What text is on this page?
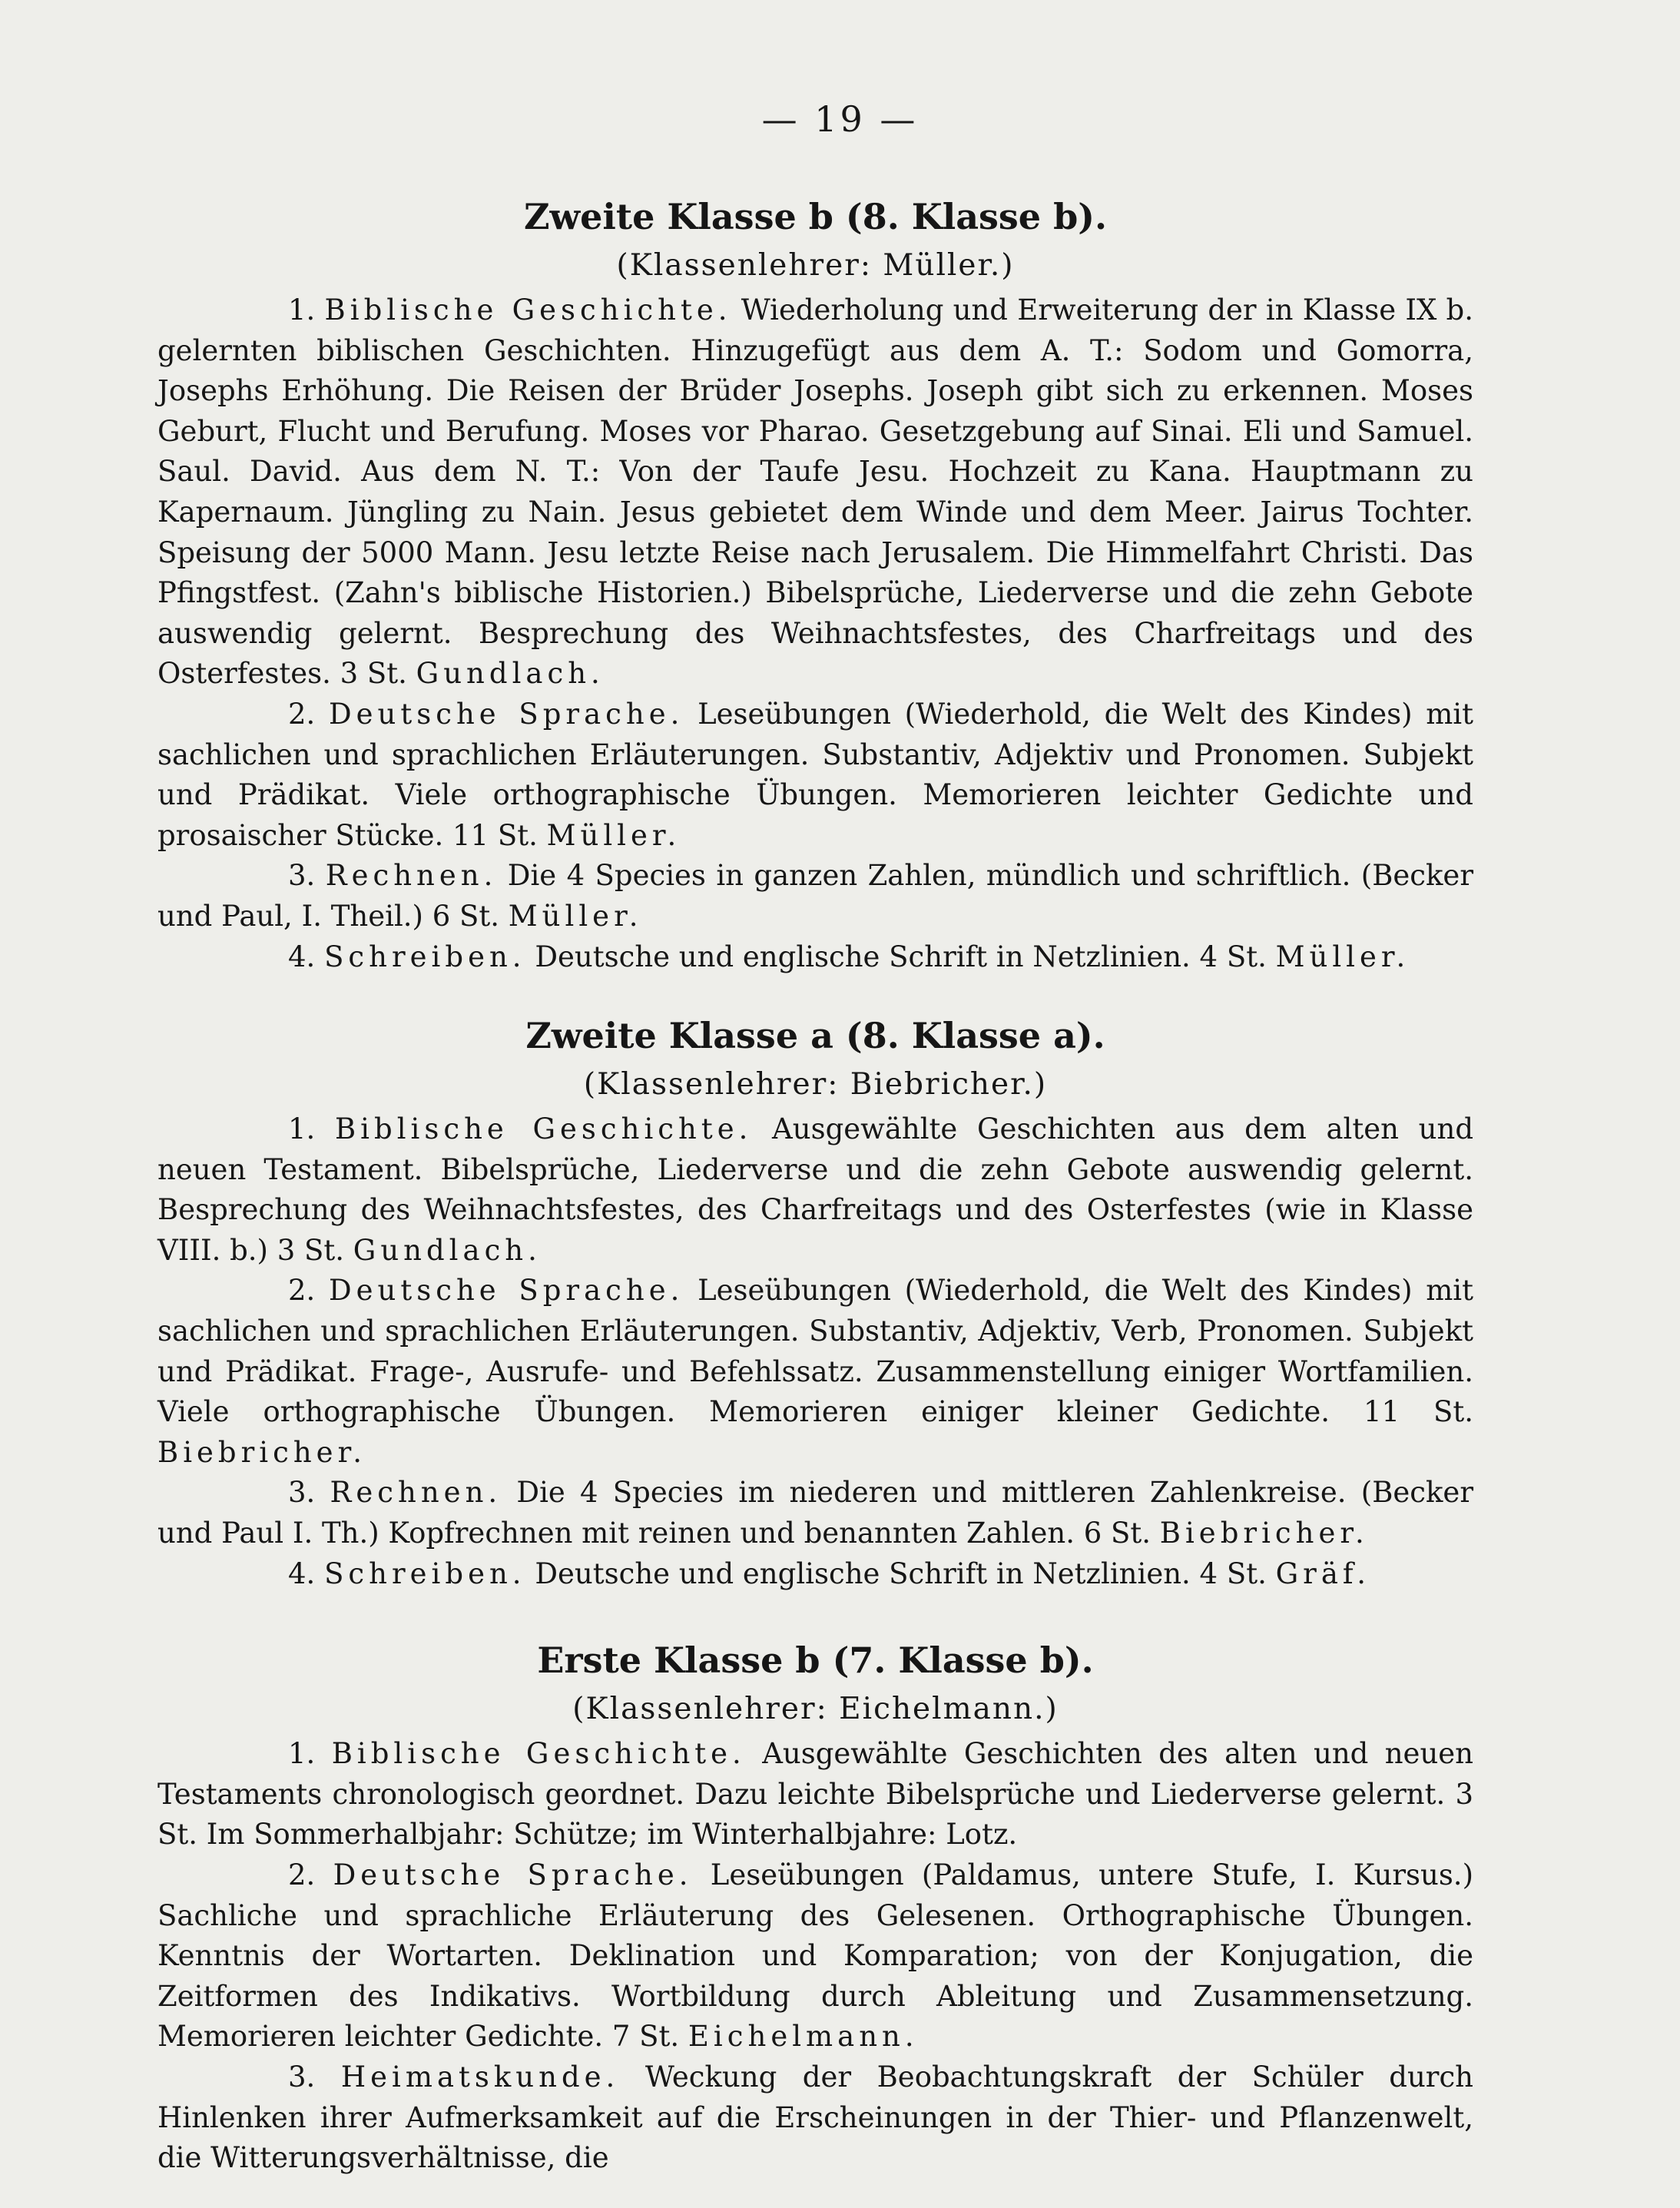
— 19 —
Zweite Klasse b (8. Klasse b).
(Klassenlehrer: Müller.)

1. Biblische Geschichte. Wiederholung und Erweiterung der in Klasse IX b. gelernten biblischen Geschichten. Hinzugefügt aus dem A. T.: Sodom und Gomorra, Josephs Erhöhung. Die Reisen der Brüder Josephs. Joseph gibt sich zu erkennen. Moses Geburt, Flucht und Berufung. Moses vor Pharao. Gesetzgebung auf Sinai. Eli und Samuel. Saul. David. Aus dem N. T.: Von der Taufe Jesu. Hochzeit zu Kana. Hauptmann zu Kapernaum. Jüngling zu Nain. Jesus gebietet dem Winde und dem Meer. Jairus Tochter. Speisung der 5000 Mann. Jesu letzte Reise nach Jerusalem. Die Himmelfahrt Christi. Das Pfingstfest. (Zahn's biblische Historien.) Bibelsprüche, Liederverse und die zehn Gebote auswendig gelernt. Besprechung des Weihnachtsfestes, des Charfreitags und des Osterfestes. 3 St. Gundlach.

2. Deutsche Sprache. Leseübungen (Wiederhold, die Welt des Kindes) mit sachlichen und sprachlichen Erläuterungen. Substantiv, Adjektiv und Pronomen. Subjekt und Prädikat. Viele orthographische Übungen. Memorieren leichter Gedichte und prosaischer Stücke. 11 St. Müller.

3. Rechnen. Die 4 Species in ganzen Zahlen, mündlich und schriftlich. (Becker und Paul, I. Theil.) 6 St. Müller.

4. Schreiben. Deutsche und englische Schrift in Netzlinien. 4 St. Müller.

Zweite Klasse a (8. Klasse a).
(Klassenlehrer: Biebricher.)

1. Biblische Geschichte. Ausgewählte Geschichten aus dem alten und neuen Testament. Bibelsprüche, Liederverse und die zehn Gebote auswendig gelernt. Besprechung des Weihnachtsfestes, des Charfreitags und des Osterfestes (wie in Klasse VIII. b.) 3 St. Gundlach.

2. Deutsche Sprache. Leseübungen (Wiederhold, die Welt des Kindes) mit sachlichen und sprachlichen Erläuterungen. Substantiv, Adjektiv, Verb, Pronomen. Subjekt und Prädikat. Frage-, Ausrufe- und Befehlssatz. Zusammenstellung einiger Wortfamilien. Viele orthographische Übungen. Memorieren einiger kleiner Gedichte. 11 St. Biebricher.

3. Rechnen. Die 4 Species im niederen und mittleren Zahlenkreise. (Becker und Paul I. Th.) Kopfrechnen mit reinen und benannten Zahlen. 6 St. Biebricher.

4. Schreiben. Deutsche und englische Schrift in Netzlinien. 4 St. Gräf.

Erste Klasse b (7. Klasse b).
(Klassenlehrer: Eichelmann.)

1. Biblische Geschichte. Ausgewählte Geschichten des alten und neuen Testaments chronologisch geordnet. Dazu leichte Bibelsprüche und Liederverse gelernt. 3 St. Im Sommerhalbjahr: Schütze; im Winterhalbjahre: Lotz.

2. Deutsche Sprache. Leseübungen (Paldamus, untere Stufe, I. Kursus.) Sachliche und sprachliche Erläuterung des Gelesenen. Orthographische Übungen. Kenntnis der Wortarten. Deklination und Komparation; von der Konjugation, die Zeitformen des Indikativs. Wortbildung durch Ableitung und Zusammensetzung. Memorieren leichter Gedichte. 7 St. Eichelmann.

3. Heimatskunde. Weckung der Beobachtungskraft der Schüler durch Hinlenken ihrer Aufmerksamkeit auf die Erscheinungen in der Thier- und Pflanzenwelt, die Witterungsverhältnisse, die
